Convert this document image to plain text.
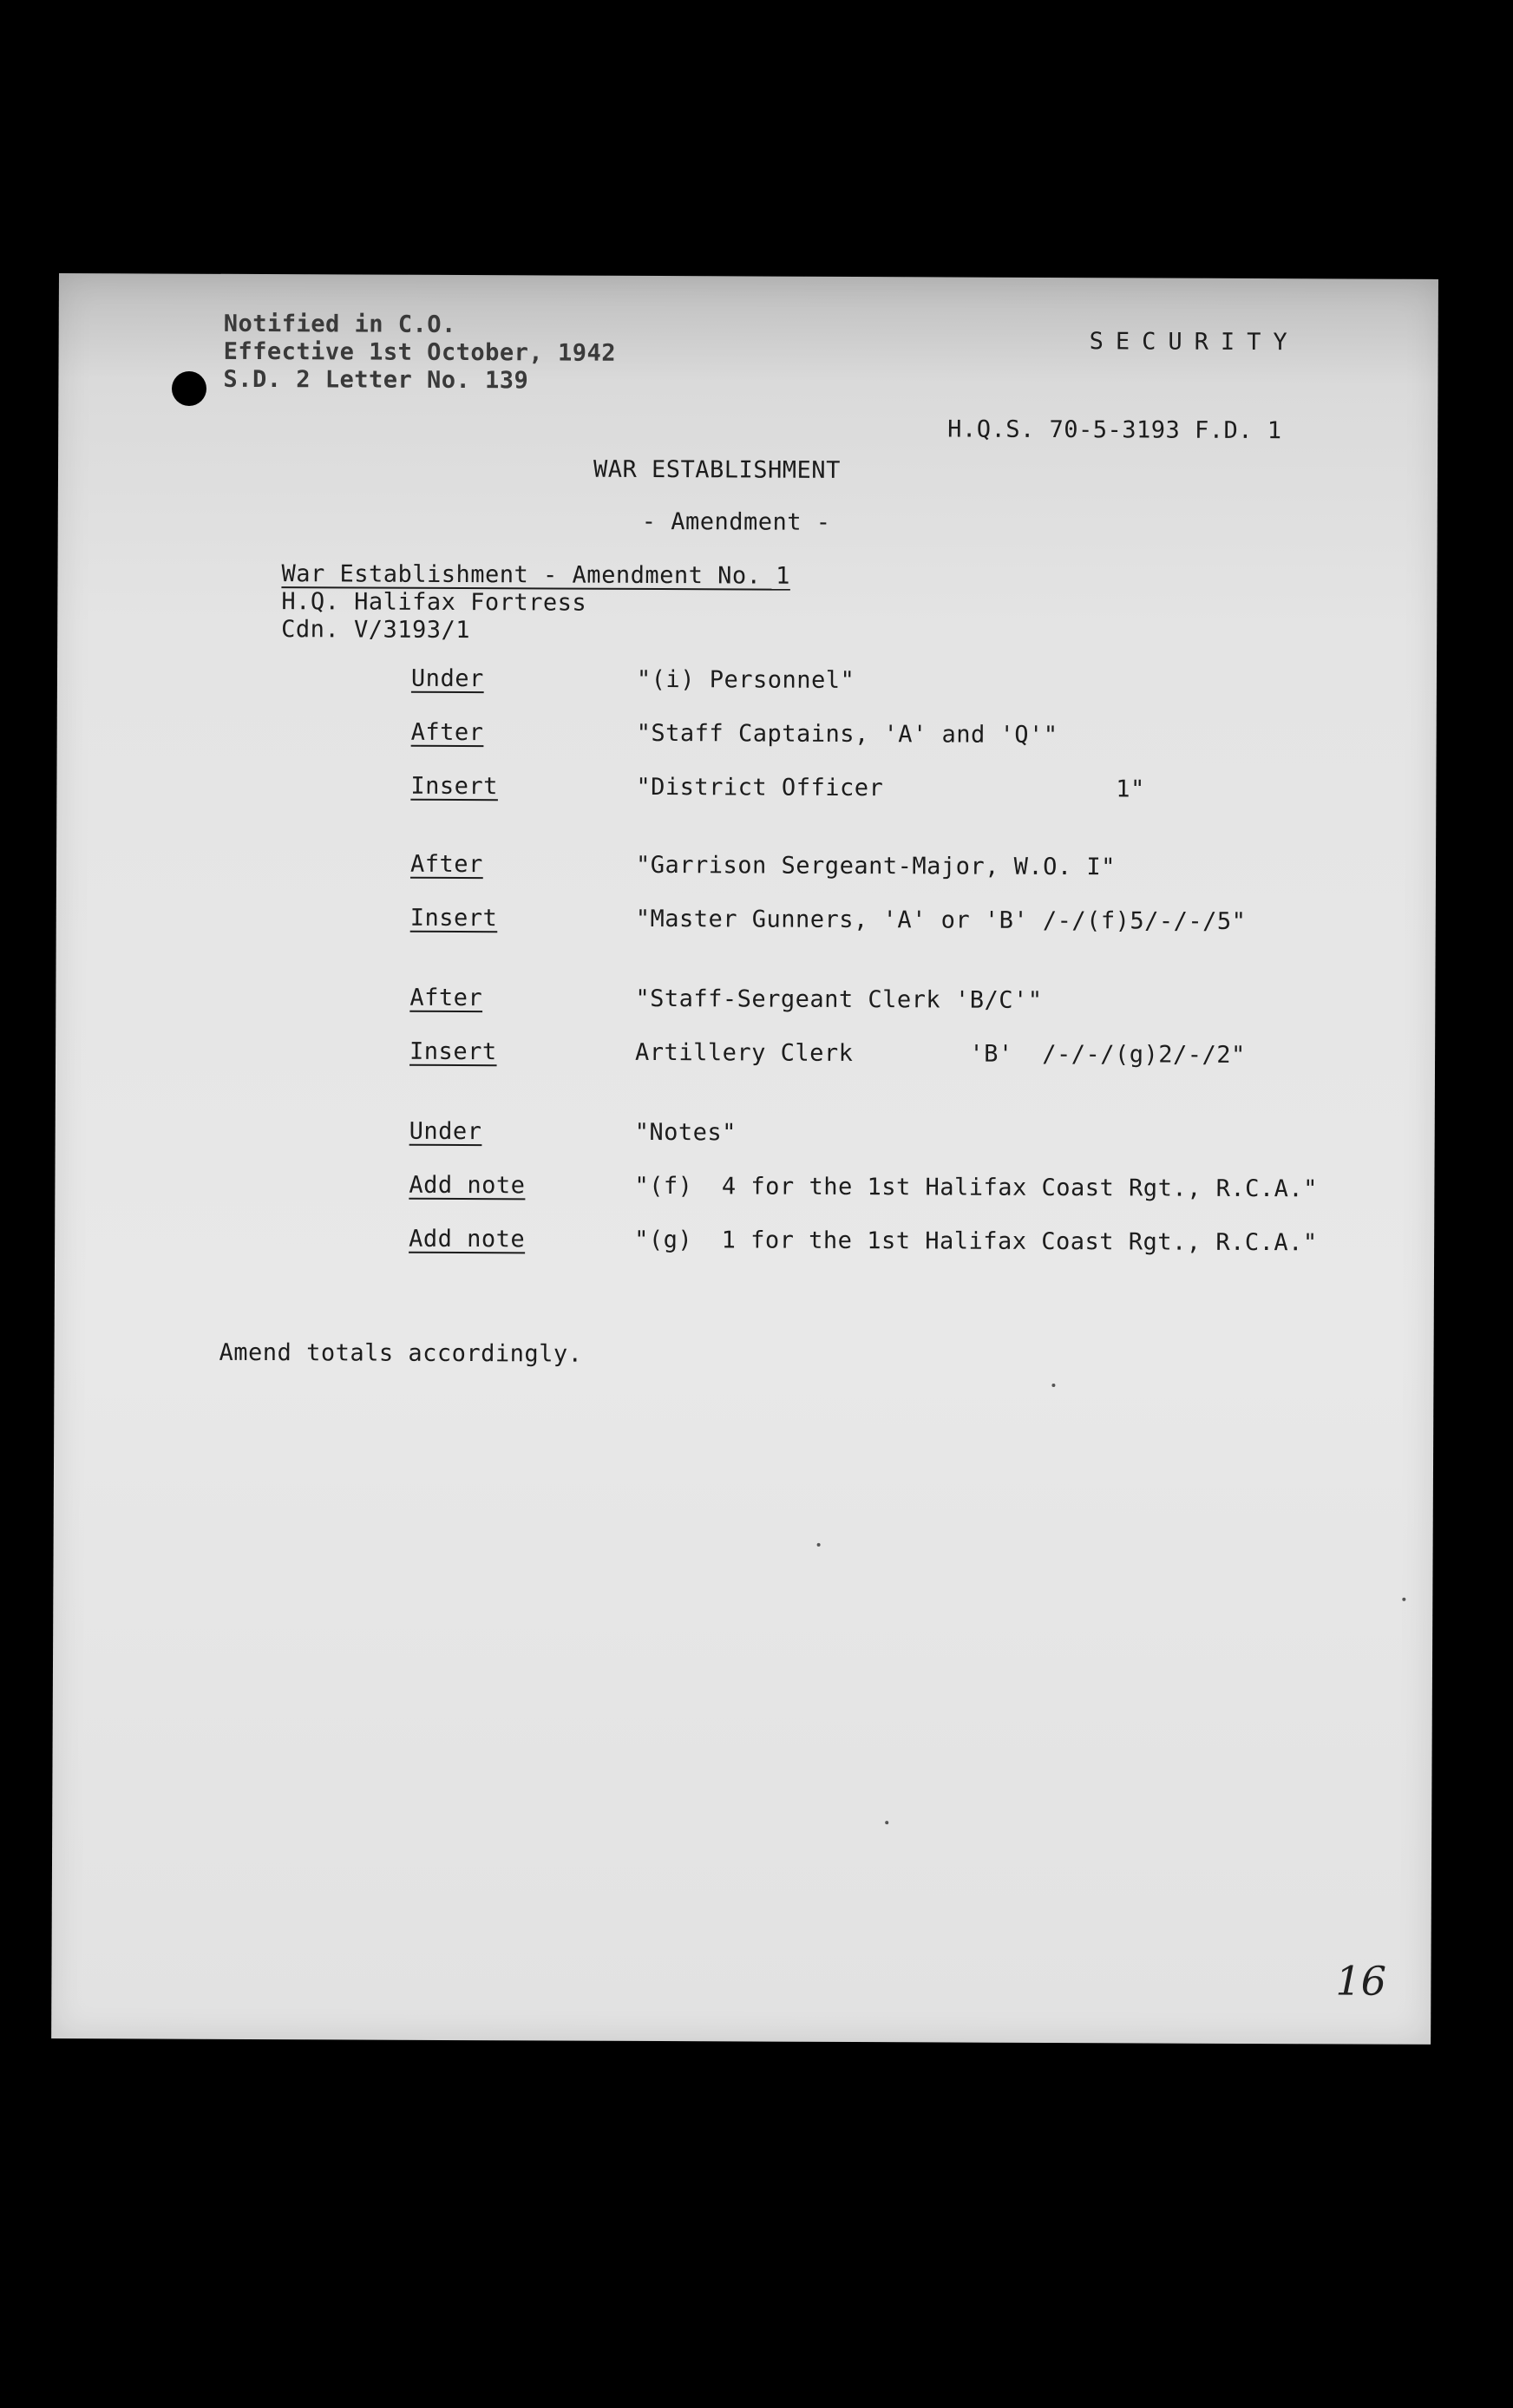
Notified in C.O.
Effective 1st October, 1942
S.D. 2 Letter No. 139
SECURITY
H.Q.S. 70-5-3193 F.D. 1
WAR ESTABLISHMENT
- Amendment -
War Establishment - Amendment No. 1
H.Q. Halifax Fortress
Cdn. V/3193/1
Under	"(i) Personnel"
After	"Staff Captains, 'A' and 'Q'"
Insert	"District Officer                1"
After	"Garrison Sergeant-Major, W.O. I"
Insert	"Master Gunners, 'A' or 'B' /-/(f)5/-/-/5"
After	"Staff-Sergeant Clerk 'B/C'"
Insert	Artillery Clerk        'B'  /-/-/(g)2/-/2"
Under	"Notes"
Add note	"(f)  4 for the 1st Halifax Coast Rgt., R.C.A."
Add note	"(g)  1 for the 1st Halifax Coast Rgt., R.C.A."
Amend totals accordingly.
16
